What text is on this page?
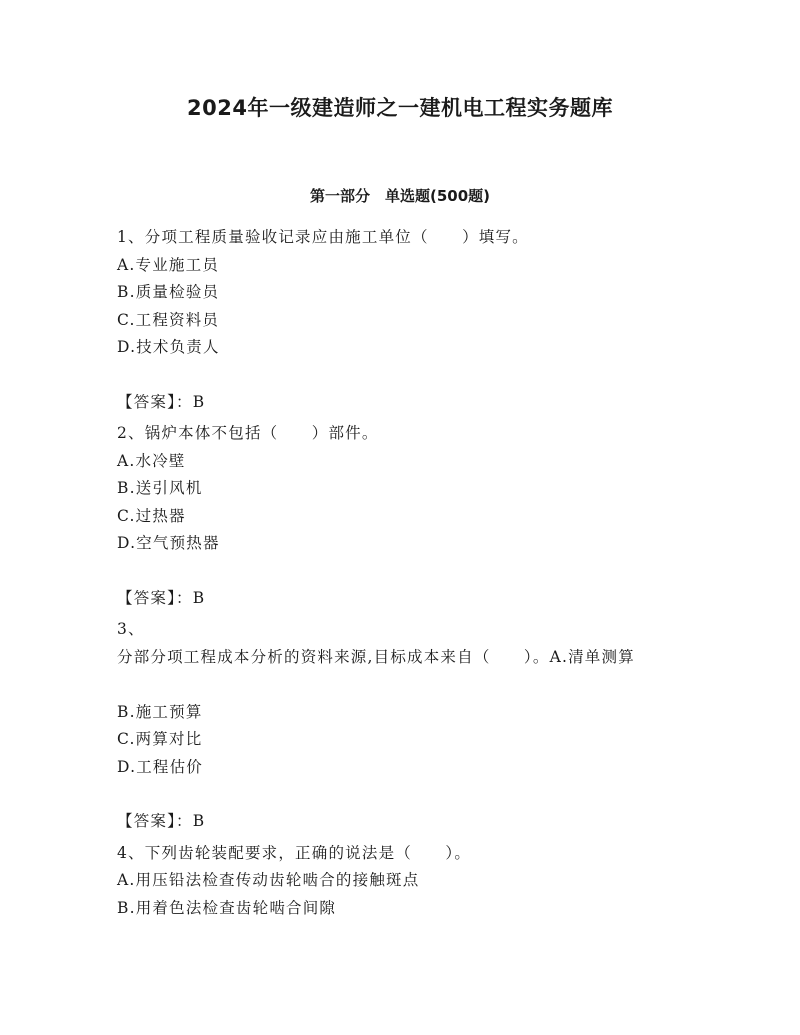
2024年一级建造师之一建机电工程实务题库
第一部分　单选题(500题)
1、分项工程质量验收记录应由施工单位（　　）填写。
A.专业施工员
B.质量检验员
C.工程资料员
D.技术负责人
【答案】：B
2、锅炉本体不包括（　　）部件。
A.水冷壁
B.送引风机
C.过热器
D.空气预热器
【答案】：B
3、
分部分项工程成本分析的资料来源,目标成本来自（　　）。A.清单测算
B.施工预算
C.两算对比
D.工程估价
【答案】：B
4、下列齿轮装配要求，正确的说法是（　　）。
A.用压铅法检查传动齿轮啮合的接触斑点
B.用着色法检查齿轮啮合间隙
